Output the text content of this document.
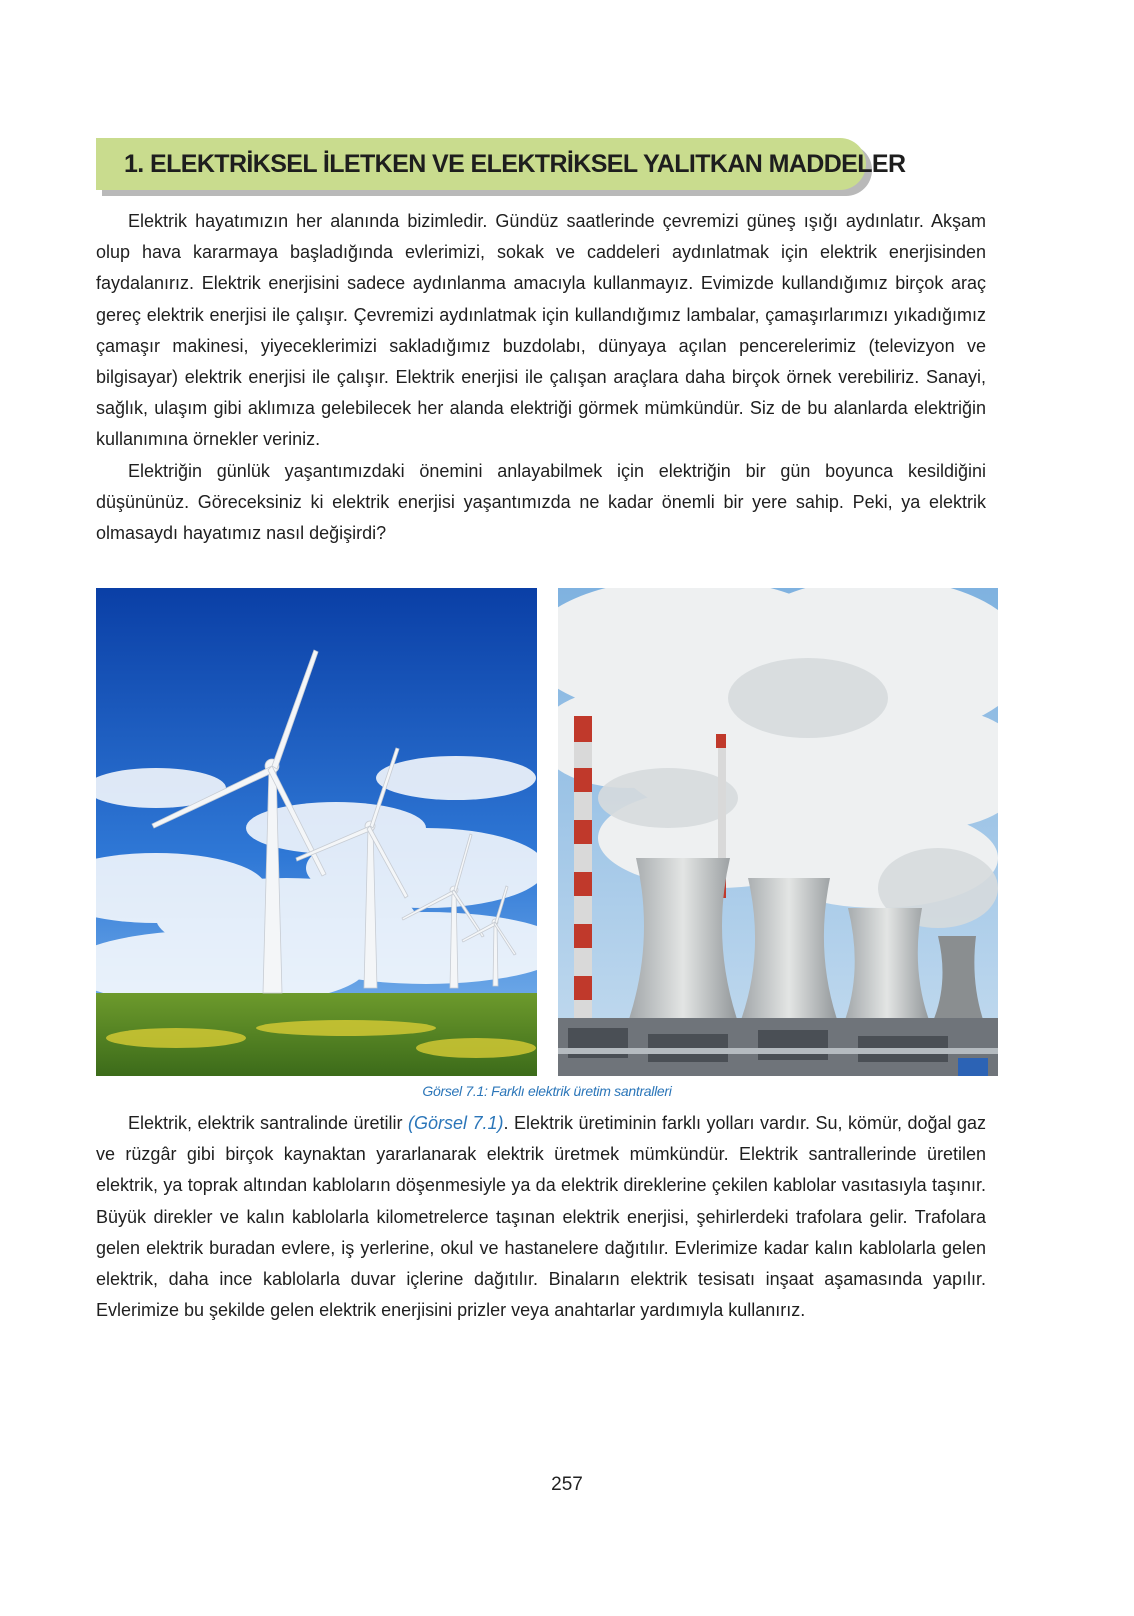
1. ELEKTRİKSEL İLETKEN VE ELEKTRİKSEL YALITKAN MADDELER

Elektrik hayatımızın her alanında bizimledir. Gündüz saatlerinde çevremizi güneş ışığı aydınlatır. Akşam olup hava kararmaya başladığında evlerimizi, sokak ve caddeleri aydınlatmak için elektrik enerjisinden faydalanırız. Elektrik enerjisini sadece aydınlanma amacıyla kullanmayız. Evimizde kullandığımız birçok araç gereç elektrik enerjisi ile çalışır. Çevremizi aydınlatmak için kullandığımız lambalar, çamaşırlarımızı yıkadığımız çamaşır makinesi, yiyeceklerimizi sakladığımız buzdolabı, dünyaya açılan pencerelerimiz (televizyon ve bilgisayar) elektrik enerjisi ile çalışır. Elektrik enerjisi ile çalışan araçlara daha birçok örnek verebiliriz. Sanayi, sağlık, ulaşım gibi aklımıza gelebilecek her alanda elektriği görmek mümkündür. Siz de bu alanlarda elektriğin kullanımına örnekler veriniz.

Elektriğin günlük yaşantımızdaki önemini anlayabilmek için elektriğin bir gün boyunca kesildiğini düşününüz. Göreceksiniz ki elektrik enerjisi yaşantımızda ne kadar önemli bir yere sahip. Peki, ya elektrik olmasaydı hayatımız nasıl değişirdi?

Görsel 7.1: Farklı elektrik üretim santralleri

Elektrik, elektrik santralinde üretilir (Görsel 7.1). Elektrik üretiminin farklı yolları vardır. Su, kömür, doğal gaz ve rüzgâr gibi birçok kaynaktan yararlanarak elektrik üretmek mümkündür. Elektrik santrallerinde üretilen elektrik, ya toprak altından kabloların döşenmesiyle ya da elektrik direklerine çekilen kablolar vasıtasıyla taşınır. Büyük direkler ve kalın kablolarla kilometrelerce taşınan elektrik enerjisi, şehirlerdeki trafolara gelir. Trafolara gelen elektrik buradan evlere, iş yerlerine, okul ve hastanelere dağıtılır. Evlerimize kadar kalın kablolarla gelen elektrik, daha ince kablolarla duvar içlerine dağıtılır. Binaların elektrik tesisatı inşaat aşamasında yapılır. Evlerimize bu şekilde gelen elektrik enerjisini prizler veya anahtarlar yardımıyla kullanırız.

257
